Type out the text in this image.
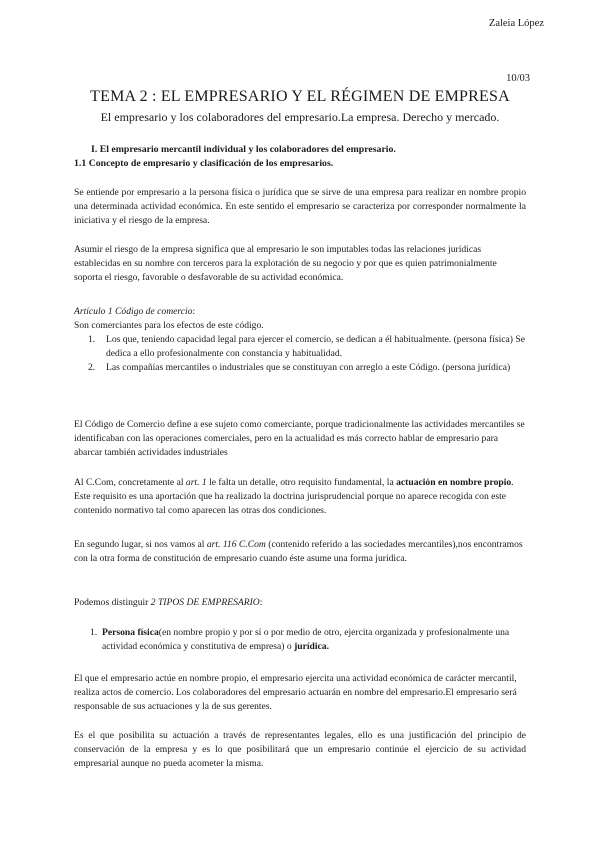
Zaleia López
10/03
TEMA 2 : EL EMPRESARIO Y EL RÉGIMEN DE EMPRESA
El empresario y los colaboradores del empresario.La empresa. Derecho y mercado.
I. El empresario mercantil individual y los colaboradores del empresario.
1.1 Concepto de empresario y clasificación de los empresarios.

Se entiende por empresario a la persona física o jurídica que se sirve de una empresa para realizar en nombre propio una determinada actividad económica. En este sentido el empresario se caracteriza por corresponder normalmente la iniciativa y el riesgo de la empresa.

Asumir el riesgo de la empresa significa que al empresario le son imputables todas las relaciones jurídicas establecidas en su nombre con terceros para la explotación de su negocio y por que es quien patrimonialmente soporta el riesgo, favorable o desfavorable de su actividad económica.

Artículo 1 Código de comercio:

Son comerciantes para los efectos de este código.

1. Los que, teniendo capacidad legal para ejercer el comercio, se dedican a él habitualmente. (persona física) Se dedica a ello profesionalmente con constancia y habitualidad.
2. Las compañías mercantiles o industriales que se constituyan con arreglo a este Código. (persona jurídica)

El Código de Comercio define a ese sujeto como comerciante, porque tradicionalmente las actividades mercantiles se identificaban con las operaciones comerciales, pero en la actualidad es más correcto hablar de empresario para abarcar también actividades industriales

Al C.Com, concretamente al art. 1 le falta un detalle, otro requisito fundamental, la actuación en nombre propio. Este requisito es una aportación que ha realizado la doctrina jurisprudencial porque no aparece recogida con este contenido normativo tal como aparecen las otras dos condiciones.

En segundo lugar, si nos vamos al art. 116 C.Com (contenido referido a las sociedades mercantiles),nos encontramos con la otra forma de constitución de empresario cuando éste asume una forma jurídica.

Podemos distinguir 2 TIPOS DE EMPRESARIO:

1. Persona física(en nombre propio y por sí o por medio de otro, ejercita organizada y profesionalmente una actividad económica y constitutiva de empresa) o jurídica.

El que el empresario actúe en nombre propio, el empresario ejercita una actividad económica de carácter mercantil, realiza actos de comercio. Los colaboradores del empresario actuarán en nombre del empresario.El empresario será responsable de sus actuaciones y la de sus gerentes.

Es el que posibilita su actuación a través de representantes legales, ello es una justificación del principio de conservación de la empresa y es lo que posibilitará que un empresario continúe el ejercicio de su actividad empresarial aunque no pueda acometer la misma.
